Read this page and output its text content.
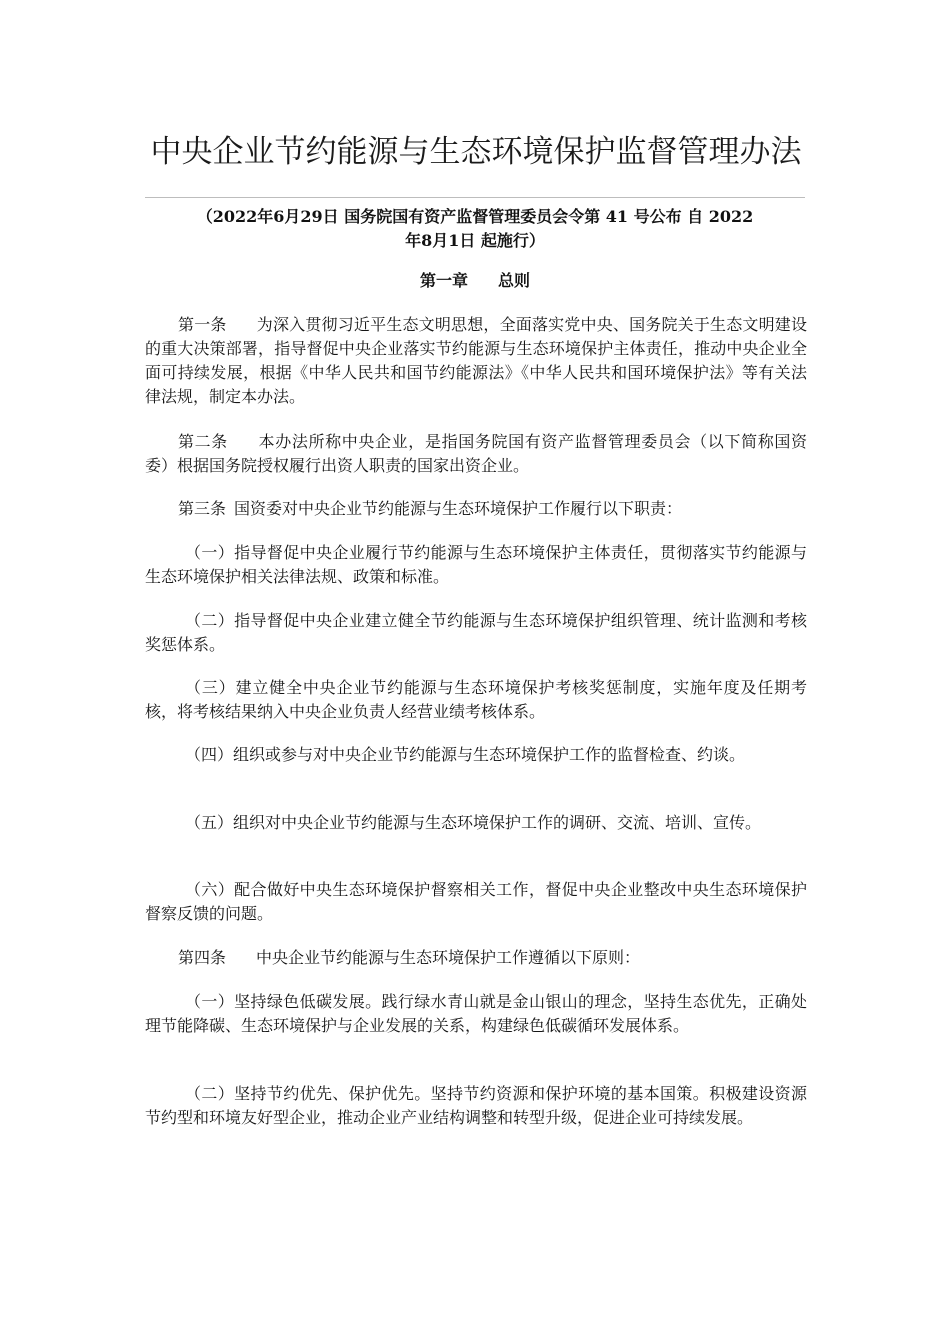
中央企业节约能源与生态环境保护监督管理办法
（2022年6月29日 国务院国有资产监督管理委员会令第 41 号公布 自 2022
年8月1日 起施行）
第一章 总则
第一条 为深入贯彻习近平生态文明思想，全面落实党中央、国务院关于生态文明建设的重大决策部署，指导督促中央企业落实节约能源与生态环境保护主体责任，推动中央企业全面可持续发展，根据《中华人民共和国节约能源法》《中华人民共和国环境保护法》等有关法律法规，制定本办法。
第二条 本办法所称中央企业，是指国务院国有资产监督管理委员会（以下简称国资委）根据国务院授权履行出资人职责的国家出资企业。
第三条 国资委对中央企业节约能源与生态环境保护工作履行以下职责：
（一）指导督促中央企业履行节约能源与生态环境保护主体责任，贯彻落实节约能源与生态环境保护相关法律法规、政策和标准。
（二）指导督促中央企业建立健全节约能源与生态环境保护组织管理、统计监测和考核奖惩体系。
（三）建立健全中央企业节约能源与生态环境保护考核奖惩制度，实施年度及任期考核，将考核结果纳入中央企业负责人经营业绩考核体系。
（四）组织或参与对中央企业节约能源与生态环境保护工作的监督检查、约谈。
（五）组织对中央企业节约能源与生态环境保护工作的调研、交流、培训、宣传。
（六）配合做好中央生态环境保护督察相关工作，督促中央企业整改中央生态环境保护督察反馈的问题。
第四条 中央企业节约能源与生态环境保护工作遵循以下原则：
（一）坚持绿色低碳发展。践行绿水青山就是金山银山的理念，坚持生态优先，正确处理节能降碳、生态环境保护与企业发展的关系，构建绿色低碳循环发展体系。
（二）坚持节约优先、保护优先。坚持节约资源和保护环境的基本国策。积极建设资源节约型和环境友好型企业，推动企业产业结构调整和转型升级，促进企业可持续发展。
